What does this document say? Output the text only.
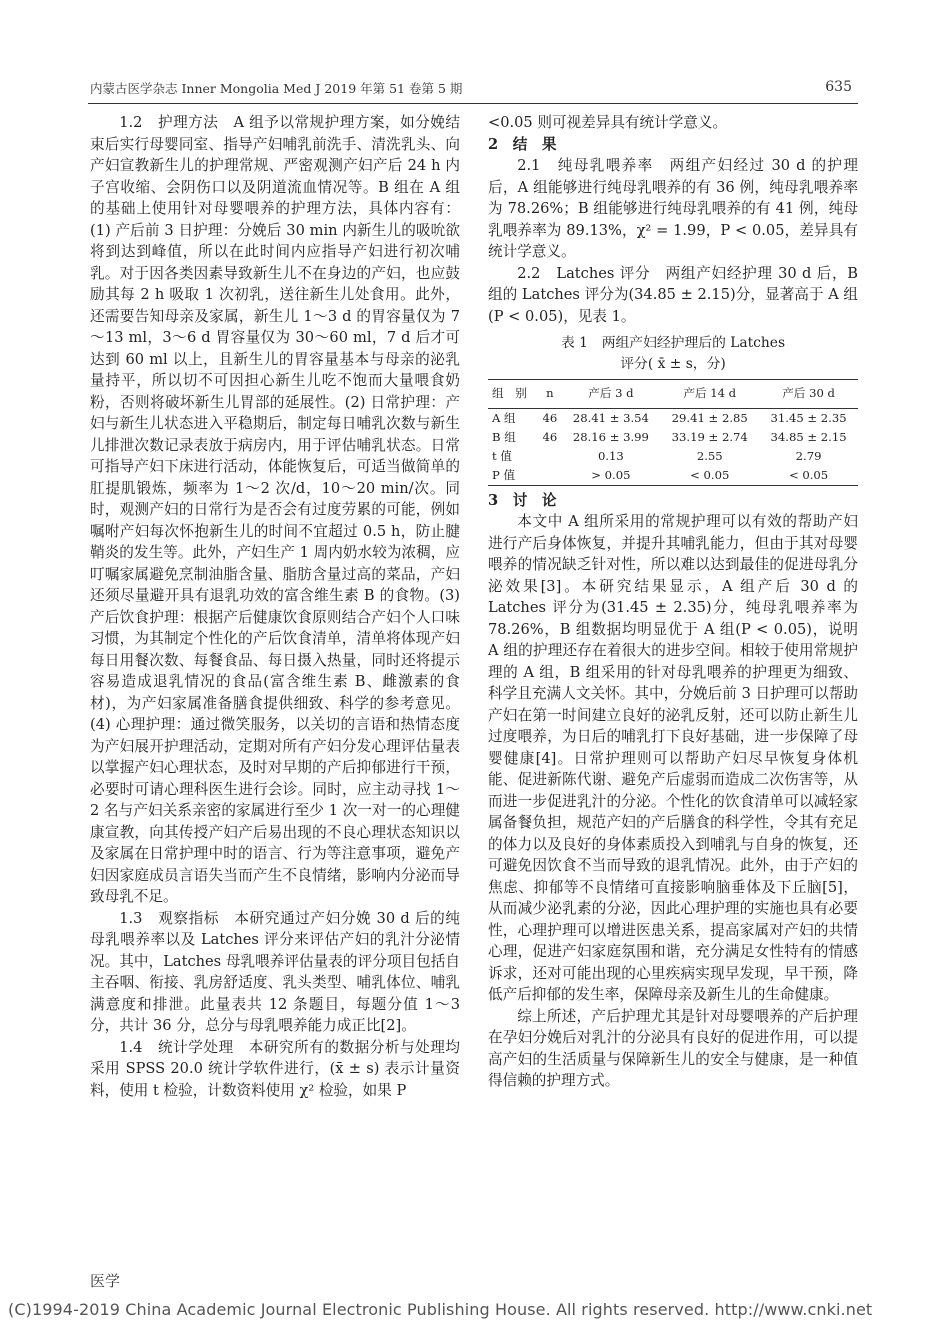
内蒙古医学杂志 Inner Mongolia Med J 2019 年第 51 卷第 5 期	635

1.2　护理方法　A 组予以常规护理方案，如分娩结束后实行母婴同室、指导产妇哺乳前洗手、清洗乳头、向产妇宣教新生儿的护理常规、严密观测产妇产后 24 h 内子宫收缩、会阴伤口以及阴道流血情况等。B 组在 A 组的基础上使用针对母婴喂养的护理方法，具体内容有：(1) 产后前 3 日护理：分娩后 30 min 内新生儿的吸吮欲将到达到峰值，所以在此时间内应指导产妇进行初次哺乳。对于因各类因素导致新生儿不在身边的产妇，也应鼓励其每 2 h 吸取 1 次初乳，送往新生儿处食用。此外，还需要告知母亲及家属，新生儿 1～3 d 的胃容量仅为 7～13 ml，3～6 d 胃容量仅为 30～60 ml，7 d 后才可达到 60 ml 以上，且新生儿的胃容量基本与母亲的泌乳量持平，所以切不可因担心新生儿吃不饱而大量喂食奶粉，否则将破坏新生儿胃部的延展性。(2) 日常护理：产妇与新生儿状态进入平稳期后，制定每日哺乳次数与新生儿排泄次数记录表放于病房内，用于评估哺乳状态。日常可指导产妇下床进行活动，体能恢复后，可适当做简单的肛提肌锻炼，频率为 1～2 次/d，10～20 min/次。同时，观测产妇的日常行为是否会有过度劳累的可能，例如嘱咐产妇每次怀抱新生儿的时间不宜超过 0.5 h，防止腱鞘炎的发生等。此外，产妇生产 1 周内奶水较为浓稠，应叮嘱家属避免烹制油脂含量、脂肪含量过高的菜品，产妇还须尽量避开具有退乳功效的富含维生素 B 的食物。(3) 产后饮食护理：根据产后健康饮食原则结合产妇个人口味习惯，为其制定个性化的产后饮食清单，清单将体现产妇每日用餐次数、每餐食品、每日摄入热量，同时还将提示容易造成退乳情况的食品(富含维生素 B、雌激素的食材)，为产妇家属准备膳食提供细致、科学的参考意见。(4) 心理护理：通过微笑服务，以关切的言语和热情态度为产妇展开护理活动，定期对所有产妇分发心理评估量表以掌握产妇心理状态，及时对早期的产后抑郁进行干预，必要时可请心理科医生进行会诊。同时，应主动寻找 1～2 名与产妇关系亲密的家属进行至少 1 次一对一的心理健康宣教，向其传授产妇产后易出现的不良心理状态知识以及家属在日常护理中时的语言、行为等注意事项，避免产妇因家庭成员言语失当而产生不良情绪，影响内分泌而导致母乳不足。

1.3　观察指标　本研究通过产妇分娩 30 d 后的纯母乳喂养率以及 Latches 评分来评估产妇的乳汁分泌情况。其中，Latches 母乳喂养评估量表的评分项目包括自主吞咽、衔接、乳房舒适度、乳头类型、哺乳体位、哺乳满意度和排泄。此量表共 12 条题目，每题分值 1～3 分，共计 36 分，总分与母乳喂养能力成正比[2]。

1.4　统计学处理　本研究所有的数据分析与处理均采用 SPSS 20.0 统计学软件进行，(x̄ ± s) 表示计量资料，使用 t 检验，计数资料使用 χ² 检验，如果 P

<0.05 则可视差异具有统计学意义。

2　结　果

2.1　纯母乳喂养率　两组产妇经过 30 d 的护理后，A 组能够进行纯母乳喂养的有 36 例，纯母乳喂养率为 78.26%；B 组能够进行纯母乳喂养的有 41 例，纯母乳喂养率为 89.13%，χ² = 1.99，P < 0.05，差异具有统计学意义。

2.2　Latches 评分　两组产妇经护理 30 d 后，B 组的 Latches 评分为(34.85 ± 2.15)分，显著高于 A 组(P < 0.05)，见表 1。

表 1　两组产妇经护理后的 Latches
评分( x̄ ± s，分)
组　别	n	产后 3 d	产后 14 d	产后 30 d
A 组	46	28.41 ± 3.54	29.41 ± 2.85	31.45 ± 2.35
B 组	46	28.16 ± 3.99	33.19 ± 2.74	34.85 ± 2.15
t 值		0.13	2.55	2.79
P 值		> 0.05	< 0.05	< 0.05

3　讨　论

本文中 A 组所采用的常规护理可以有效的帮助产妇进行产后身体恢复，并提升其哺乳能力，但由于其对母婴喂养的情况缺乏针对性，所以难以达到最佳的促进母乳分泌效果[3]。本研究结果显示，A 组产后 30 d 的 Latches 评分为(31.45 ± 2.35)分，纯母乳喂养率为 78.26%，B 组数据均明显优于 A 组(P < 0.05)，说明 A 组的护理还存在着很大的进步空间。相较于使用常规护理的 A 组，B 组采用的针对母乳喂养的护理更为细致、科学且充满人文关怀。其中，分娩后前 3 日护理可以帮助产妇在第一时间建立良好的泌乳反射，还可以防止新生儿过度喂养，为日后的哺乳打下良好基础，进一步保障了母婴健康[4]。日常护理则可以帮助产妇尽早恢复身体机能、促进新陈代谢、避免产后虚弱而造成二次伤害等，从而进一步促进乳汁的分泌。个性化的饮食清单可以减轻家属备餐负担，规范产妇的产后膳食的科学性，令其有充足的体力以及良好的身体素质投入到哺乳与自身的恢复，还可避免因饮食不当而导致的退乳情况。此外，由于产妇的焦虑、抑郁等不良情绪可直接影响脑垂体及下丘脑[5]，从而减少泌乳素的分泌，因此心理护理的实施也具有必要性，心理护理可以增进医患关系，提高家属对产妇的共情心理，促进产妇家庭氛围和谐，充分满足女性特有的情感诉求，还对可能出现的心里疾病实现早发现，早干预，降低产后抑郁的发生率，保障母亲及新生儿的生命健康。

综上所述，产后护理尤其是针对母婴喂养的产后护理在孕妇分娩后对乳汁的分泌具有良好的促进作用，可以提高产妇的生活质量与保障新生儿的安全与健康，是一种值得信赖的护理方式。

医学
(C)1994-2019 China Academic Journal Electronic Publishing House. All rights reserved. http://www.cnki.net
